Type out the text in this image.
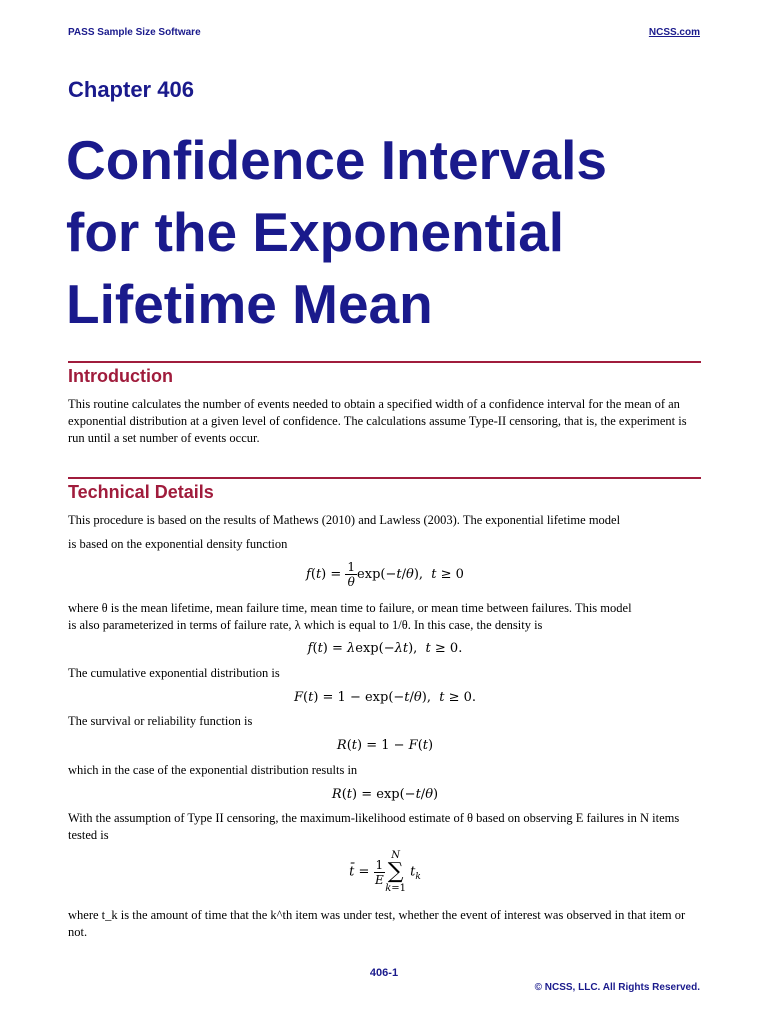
PASS Sample Size Software	NCSS.com
Chapter 406
Confidence Intervals
for the Exponential
Lifetime Mean
Introduction

This routine calculates the number of events needed to obtain a specified width of a confidence interval for the mean of an exponential distribution at a given level of confidence. The calculations assume Type-II censoring, that is, the experiment is run until a set number of events occur.

Technical Details

This procedure is based on the results of Mathews (2010) and Lawless (2003). The exponential lifetime model

is based on the exponential density function

$f(t) = \frac{1}{\theta} \exp(-t/\theta)$,  t ≥ 0

where θ is the mean lifetime, mean failure time, mean time to failure, or mean time between failures. This model

is also parameterized in terms of failure rate, λ which is equal to 1/θ. In this case, the density is

f(t) = λexp(−λt),  t ≥ 0.

The cumulative exponential distribution is

F(t) = 1 − exp(−t/θ),  t ≥ 0.

The survival or reliability function is

R(t) = 1 − F(t)

which in the case of the exponential distribution results in

R(t) = exp(−t/θ)

With the assumption of Type II censoring, the maximum-likelihood estimate of θ based on observing E failures in N items tested is

t̄ = $\frac{1}{E}$
N
∑
k=1 $t_k$

where t_k is the amount of time that the k^th item was under test, whether the event of interest was observed in that item or not.

406-1
© NCSS, LLC. All Rights Reserved.
